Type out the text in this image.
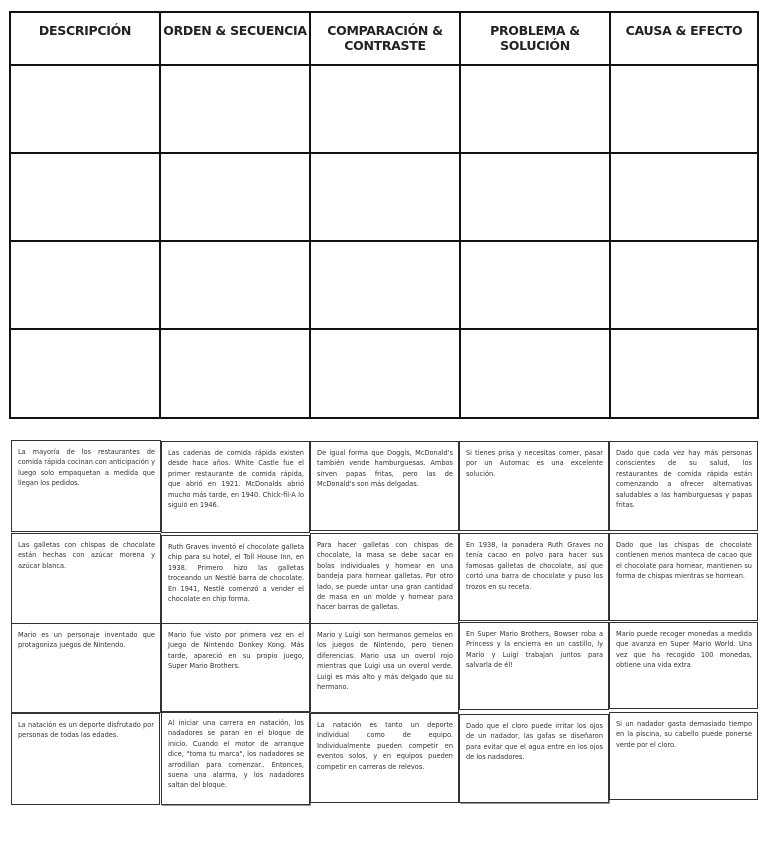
DESCRIPCIÓN	ORDEN & SECUENCIA	COMPARACIÓN & CONTRASTE
PROBLEMA & SOLUCIÓN
CAUSA & EFECTO
La mayoría de los restaurantes de comida rápida cocinan con anticipación y luego solo empaquetan a medida que llegan los pedidos.
Las cadenas de comida rápida existen desde hace años. White Castle fue el primer restaurante de comida rápida, que abrió en 1921. McDonalds abrió mucho más tarde, en 1940. Chick-fil-A lo siguió en 1946.
De igual forma que Doggis, McDonald's también vende hamburguesas. Ambos sirven papas fritas, pero las de McDonald's son más delgadas.
Si tienes prisa y necesitas comer, pasar por un Automac es una excelente solución.
Dado que cada vez hay más personas conscientes de su salud, los restaurantes de comida rápida están comenzando a ofrecer alternativas saludables a las hamburguesas y papas fritas.
Las galletas con chispas de chocolate están hechas con azúcar morena y azúcar blanca.
Ruth Graves inventó el chocolate galleta chip para su hotel, el Toll House Inn, en 1938. Primero hizo las galletas troceando un Nestlé barra de chocolate. En 1941, Nestlé comenzó a vender el chocolate en chip forma.
Para hacer galletas con chispas de chocolate, la masa se debe sacar en bolas individuales y hornear en una bandeja para hornear galletas. Por otro lado, se puede untar una gran cantidad de masa en un molde y hornear para hacer barras de galletas.
En 1938, la panadera Ruth Graves no tenía cacao en polvo para hacer sus famosas galletas de chocolate, así que cortó una barra de chocolate y puso los trozos en su receta.
Dado que las chispas de chocolate contienen menos manteca de cacao que el chocolate para hornear, mantienen su forma de chispas mientras se hornean.
Mario es un personaje inventado que protagoniza juegos de Nintendo.
Mario fue visto por primera vez en el Juego de Nintendo Donkey Kong. Más tarde, apareció en su propio juego, Super Mario Brothers.
Mario y Luigi son hermanos gemelos en los juegos de Nintendo, pero tienen diferencias. Mario usa un overol rojo mientras que Luigi usa un overol verde. Luigi es más alto y más delgado que su hermano.
En Super Mario Brothers, Bowser roba a Princess y la encierra en un castillo, ly Mario y Luigi trabajan juntos para salvarla de él!
Mario puede recoger monedas a medida que avanza en Super Mario World. Una vez que ha recogido 100 monedas, obtiene una vida extra
La natación es un deporte disfrutado por personas de todas las edades.
Al iniciar una carrera en natación, los nadadores se paran en el bloque de inicio. Cuando el motor de arranque dice, "toma tu marca", los nadadores se arrodillan para comenzar.. Entonces, suena una alarma, y los nadadores saltan del bloque.
La natación es tanto un deporte individual como de equipo. Individualmente pueden competir en eventos solos, y en equipos pueden competir en carreras de relevos.
Dado que el cloro puede irritar los ojos de un nadador, las gafas se diseñaron para evitar que el agua entre en los ojos de los nadadores.
Si un nadador gasta demasiado tiempo en la piscina, su cabello puede ponerse verde por el cloro.
